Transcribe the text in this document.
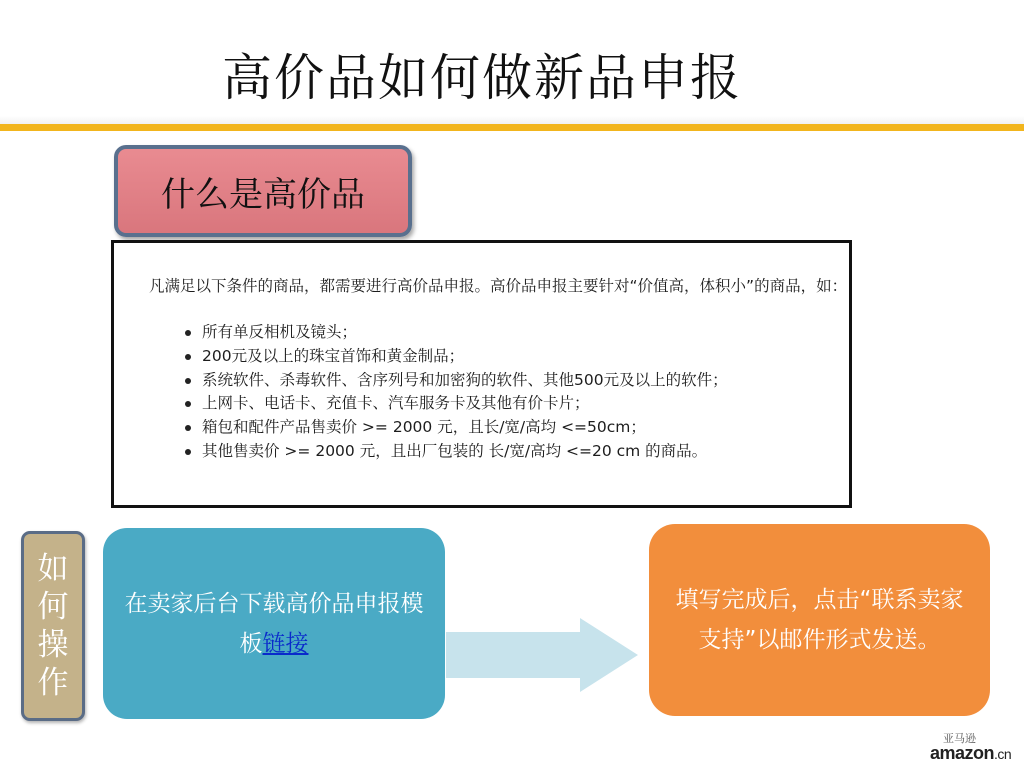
高价品如何做新品申报
什么是高价品
凡满足以下条件的商品，都需要进行高价品申报。高价品申报主要针对“价值高，体积小”的商品，如：
所有单反相机及镜头；
200元及以上的珠宝首饰和黄金制品；
系统软件、杀毒软件、含序列号和加密狗的软件、其他500元及以上的软件；
上网卡、电话卡、充值卡、汽车服务卡及其他有价卡片；
箱包和配件产品售卖价 >= 2000 元，且长/宽/高均 <=50cm；
其他售卖价 >= 2000 元，且出厂包装的 长/宽/高均 <=20 cm 的商品。
如何操作
在卖家后台下载高价品申报模板链接
填写完成后，点击“联系卖家支持”以邮件形式发送。
亚马逊
amazon.cn
